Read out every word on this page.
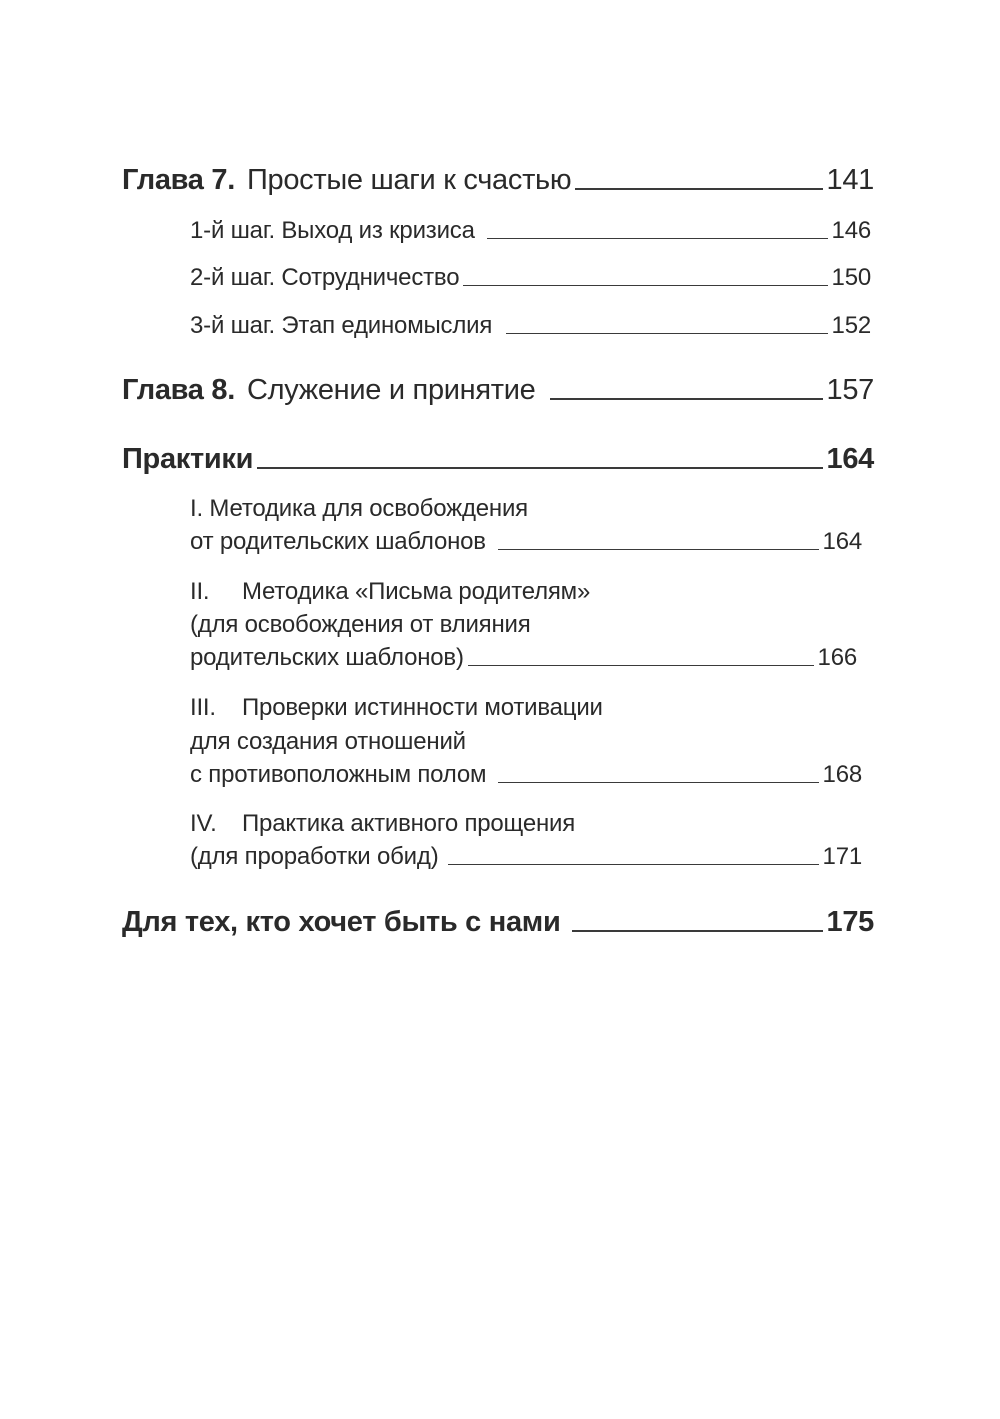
Глава 7. Простые шаги к счастью	141
1-й шаг. Выход из кризиса	146
2-й шаг. Сотрудничество	150
3-й шаг. Этап единомыслия	152
Глава 8. Служение и принятие	157
Практики	164
I. Методика для освобождения
от родительских шаблонов	164
II. Методика «Письма родителям»
(для освобождения от влияния
родительских шаблонов)	166
III. Проверки истинности мотивации
для создания отношений
с противоположным полом	168
IV. Практика активного прощения
(для проработки обид)	171
Для тех, кто хочет быть с нами	175
